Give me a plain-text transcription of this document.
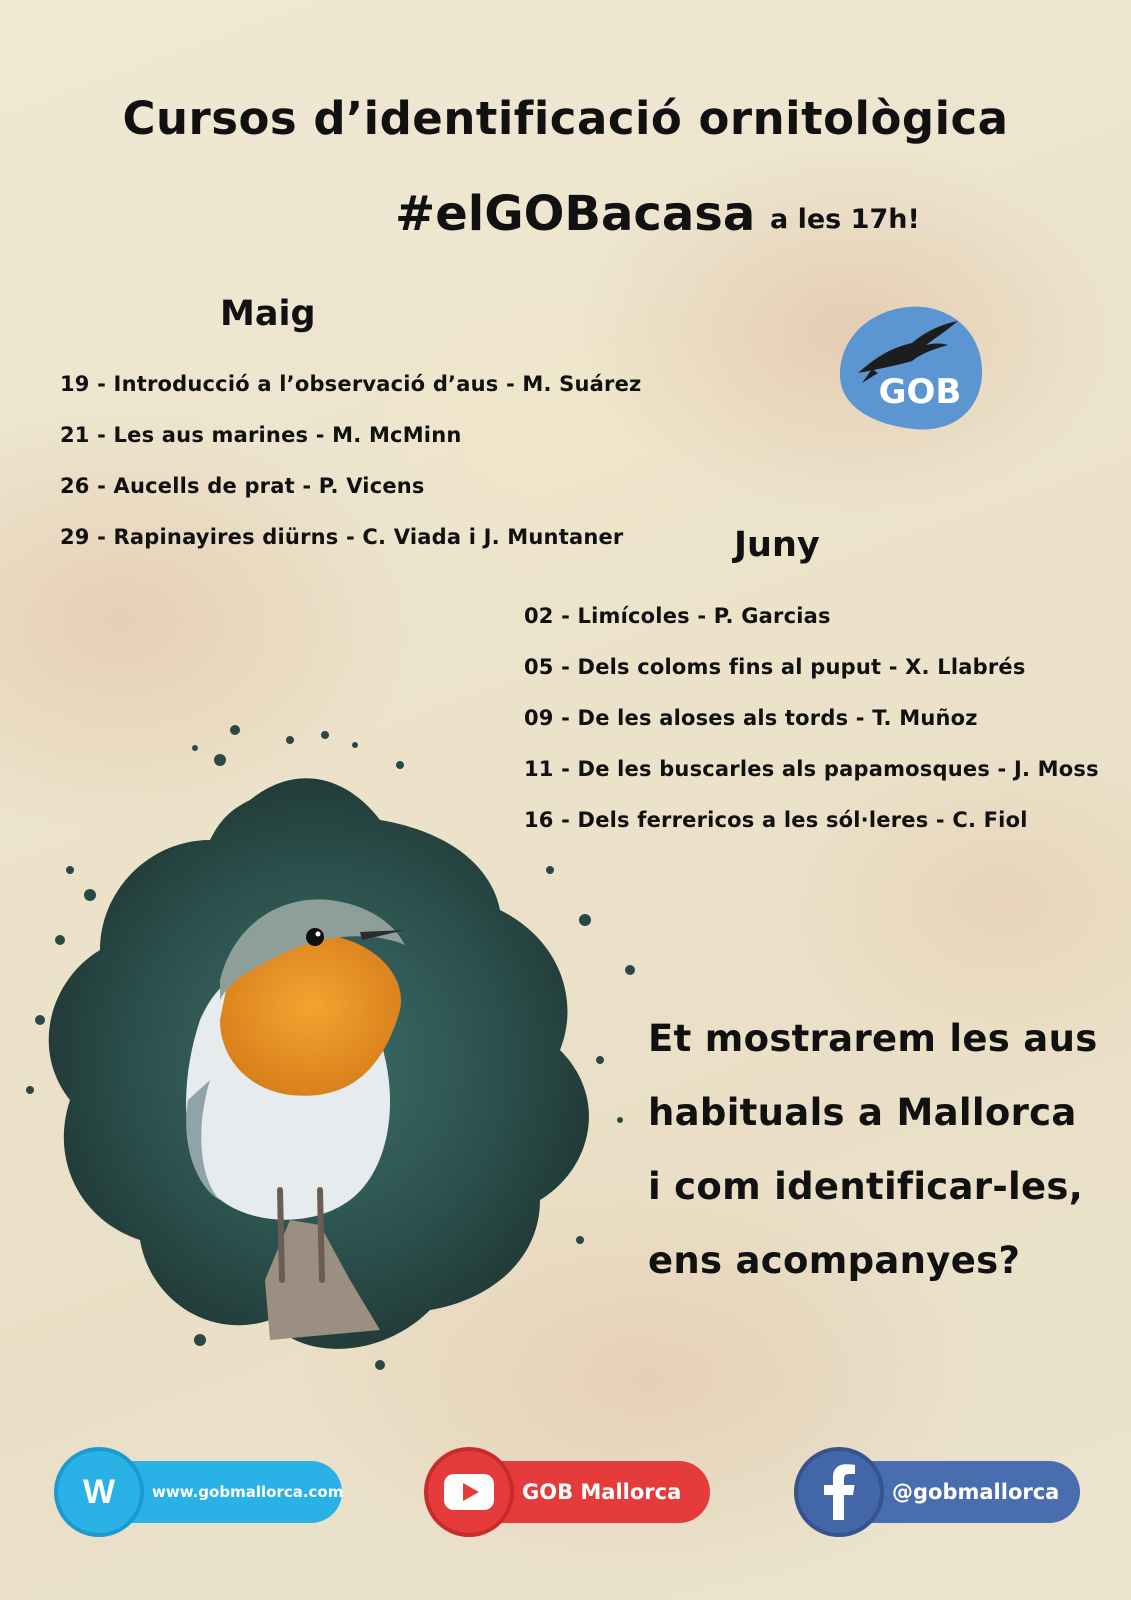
Cursos d’identificació ornitològica
#elGOBacasa a les 17h!
Maig
19 - Introducció a l’observació d’aus - M. Suárez
21 - Les aus marines - M. McMinn
26 - Aucells de prat - P. Vicens
29 - Rapinayires diürns - C. Viada i J. Muntaner
GOB
Juny
02 - Limícoles - P. Garcias
05 - Dels coloms fins al puput - X. Llabrés
09 - De les aloses als tords - T. Muñoz
11 - De les buscarles als papamosques - J. Moss
16 - Dels ferrericos a les sól·leres - C. Fiol
Et mostrarem les aus
habituals a Mallorca
i com identificar-les,
ens acompanyes?
W	www.gobmallorca.com	GOB Mallorca	@gobmallorca
